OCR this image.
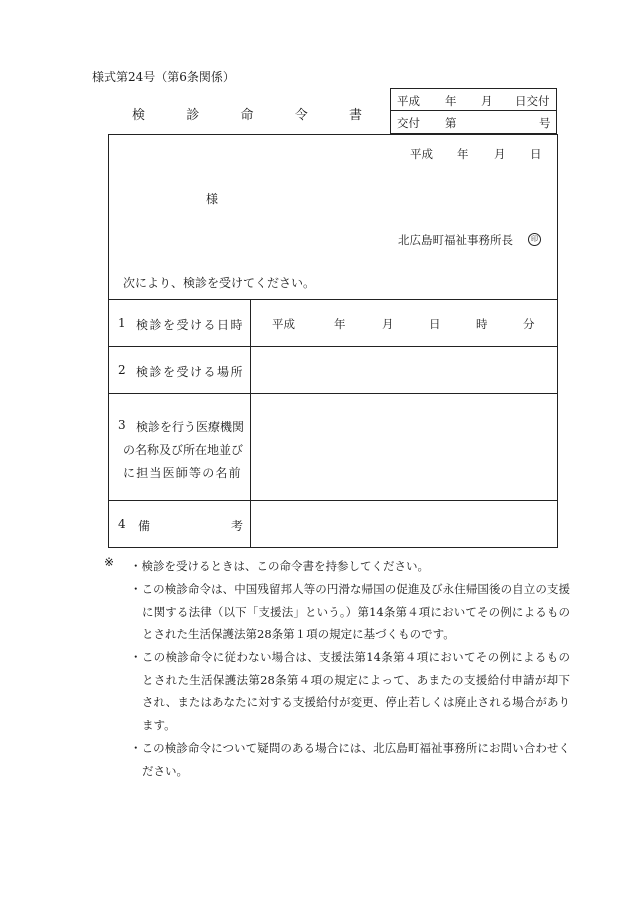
様式第24号（第6条関係）
検	診	命	令	書
平成 年 月 日交付
交付 第	号
平成 年 月 日
様
北広島町福祉事務所長	印
次により、検診を受けてください。
1 検診を受ける日時 平成	年	月	日	時	分
2 検診を受ける場所
3 検診を行う医療機関
の名称及び所在地並び
に担当医師等の名前
4 備	考
※ ・検診を受けるときは、この命令書を持参してください。
・この検診命令は、中国残留邦人等の円滑な帰国の促進及び永住帰国後の自立の支援に関する法律（以下「支援法」という。）第14条第４項においてその例によるものとされた生活保護法第28条第１項の規定に基づくものです。
・この検診命令に従わない場合は、支援法第14条第４項においてその例によるものとされた生活保護法第28条第４項の規定によって、あまたの支援給付申請が却下され、またはあなたに対する支援給付が変更、停止若しくは廃止される場合があります。
・この検診命令について疑問のある場合には、北広島町福祉事務所にお問い合わせください。
